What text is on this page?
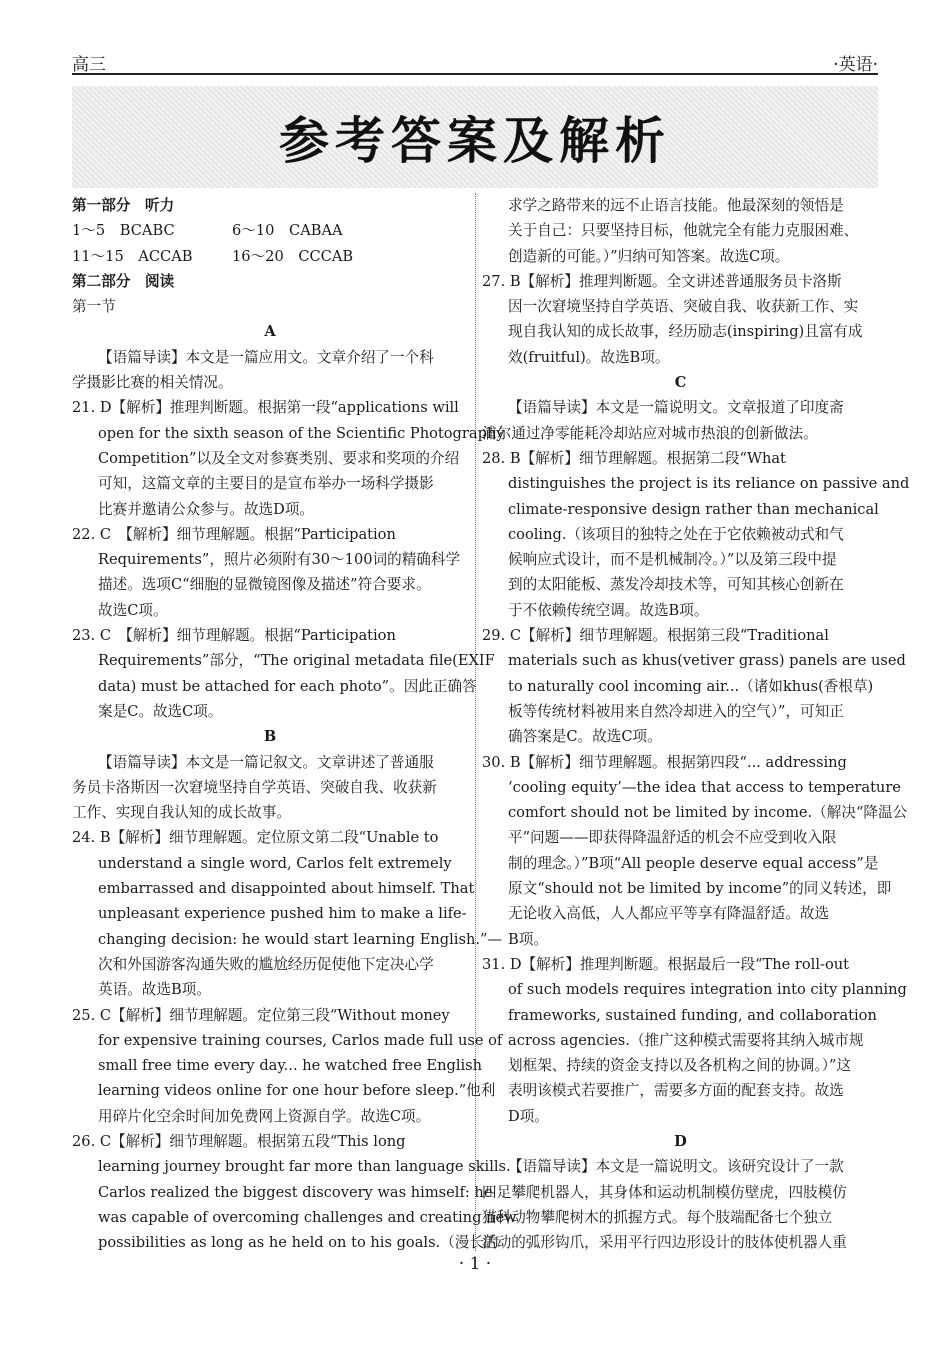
高三	·英语·
参考答案及解析
第一部分　听力
1～5　BCABC	6～10　CABAA
11～15　ACCAB	16～20　CCCAB
第二部分　阅读
第一节
A
【语篇导读】本文是一篇应用文。文章介绍了一个科
学摄影比赛的相关情况。
21. D【解析】推理判断题。根据第一段“applications will
open for the sixth season of the Scientific Photography
Competition”以及全文对参赛类别、要求和奖项的介绍
可知，这篇文章的主要目的是宣布举办一场科学摄影
比赛并邀请公众参与。故选D项。
22. C　【解析】细节理解题。根据“Participation
Requirements”，照片必须附有30～100词的精确科学
描述。选项C“细胞的显微镜图像及描述”符合要求。
故选C项。
23. C　【解析】细节理解题。根据“Participation
Requirements”部分，“The original metadata file(EXIF
data) must be attached for each photo”。因此正确答
案是C。故选C项。
B
【语篇导读】本文是一篇记叙文。文章讲述了普通服
务员卡洛斯因一次窘境坚持自学英语、突破自我、收获新
工作、实现自我认知的成长故事。
24. B【解析】细节理解题。定位原文第二段“Unable to
understand a single word, Carlos felt extremely
embarrassed and disappointed about himself. That
unpleasant experience pushed him to make a life-
changing decision: he would start learning English.”—
次和外国游客沟通失败的尴尬经历促使他下定决心学
英语。故选B项。
25. C【解析】细节理解题。定位第三段“Without money
for expensive training courses, Carlos made full use of
small free time every day... he watched free English
learning videos online for one hour before sleep.”他利
用碎片化空余时间加免费网上资源自学。故选C项。
26. C【解析】细节理解题。根据第五段“This long
learning journey brought far more than language skills.
Carlos realized the biggest discovery was himself: he
was capable of overcoming challenges and creating new
possibilities as long as he held on to his goals.（漫长的
求学之路带来的远不止语言技能。他最深刻的领悟是
关于自己：只要坚持目标，他就完全有能力克服困难、
创造新的可能。）”归纳可知答案。故选C项。
27. B【解析】推理判断题。全文讲述普通服务员卡洛斯
因一次窘境坚持自学英语、突破自我、收获新工作、实
现自我认知的成长故事，经历励志(inspiring)且富有成
效(fruitful)。故选B项。
C
【语篇导读】本文是一篇说明文。文章报道了印度斋
浦尔通过净零能耗冷却站应对城市热浪的创新做法。
28. B【解析】细节理解题。根据第二段“What
distinguishes the project is its reliance on passive and
climate-responsive design rather than mechanical
cooling.（该项目的独特之处在于它依赖被动式和气
候响应式设计，而不是机械制冷。）”以及第三段中提
到的太阳能板、蒸发冷却技术等，可知其核心创新在
于不依赖传统空调。故选B项。
29. C【解析】细节理解题。根据第三段“Traditional
materials such as khus(vetiver grass) panels are used
to naturally cool incoming air...（诸如khus(香根草)
板等传统材料被用来自然冷却进入的空气）”，可知正
确答案是C。故选C项。
30. B【解析】细节理解题。根据第四段“... addressing
‘cooling equity’—the idea that access to temperature
comfort should not be limited by income.（解决“降温公
平”问题——即获得降温舒适的机会不应受到收入限
制的理念。）”B项“All people deserve equal access”是
原文“should not be limited by income”的同义转述，即
无论收入高低，人人都应平等享有降温舒适。故选
B项。
31. D【解析】推理判断题。根据最后一段“The roll-out
of such models requires integration into city planning
frameworks, sustained funding, and collaboration
across agencies.（推广这种模式需要将其纳入城市规
划框架、持续的资金支持以及各机构之间的协调。）”这
表明该模式若要推广，需要多方面的配套支持。故选
D项。
D
【语篇导读】本文是一篇说明文。该研究设计了一款
四足攀爬机器人，其身体和运动机制模仿壁虎，四肢模仿
猫科动物攀爬树木的抓握方式。每个肢端配备七个独立
活动的弧形钩爪，采用平行四边形设计的肢体使机器人重
· 1 ·
